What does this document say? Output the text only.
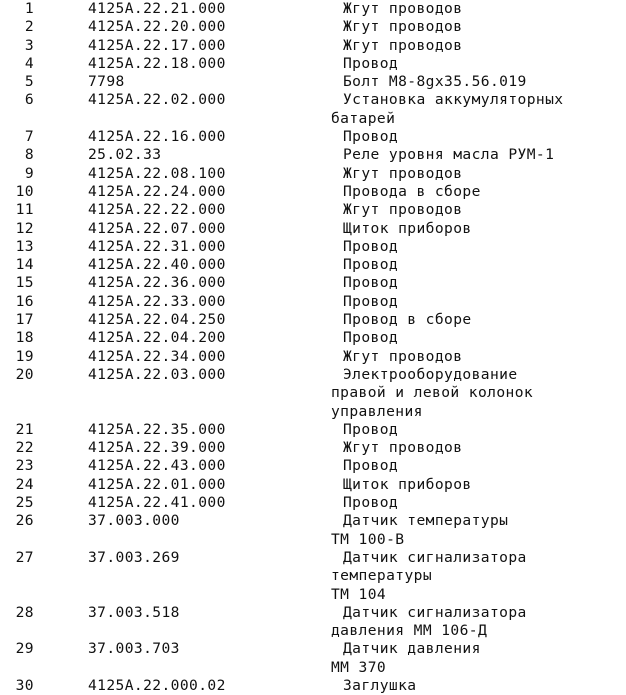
1	4125A.22.21.000	Жгут проводов
2	4125A.22.20.000	Жгут проводов
3	4125A.22.17.000	Жгут проводов
4	4125A.22.18.000	Провод
5	7798	Болт М8-8gх35.56.019
6	4125A.22.02.000	Установка аккумуляторных
батарей
7	4125A.22.16.000	Провод
8	25.02.33	Реле уровня масла РУМ-1
9	4125A.22.08.100	Жгут проводов
10	4125A.22.24.000	Провода в сборе
11	4125A.22.22.000	Жгут проводов
12	4125A.22.07.000	Щиток приборов
13	4125A.22.31.000	Провод
14	4125A.22.40.000	Провод
15	4125A.22.36.000	Провод
16	4125A.22.33.000	Провод
17	4125A.22.04.250	Провод в сборе
18	4125A.22.04.200	Провод
19	4125A.22.34.000	Жгут проводов
20	4125A.22.03.000	Электрооборудование
правой и левой колонок
управления
21	4125A.22.35.000	Провод
22	4125A.22.39.000	Жгут проводов
23	4125A.22.43.000	Провод
24	4125A.22.01.000	Щиток приборов
25	4125A.22.41.000	Провод
26	37.003.000	Датчик температуры
ТМ 100-В
27	37.003.269	Датчик сигнализатора
температуры
ТМ 104
28	37.003.518	Датчик сигнализатора
давления ММ 106-Д
29	37.003.703	Датчик давления
ММ 370
30	4125A.22.000.02	Заглушка
